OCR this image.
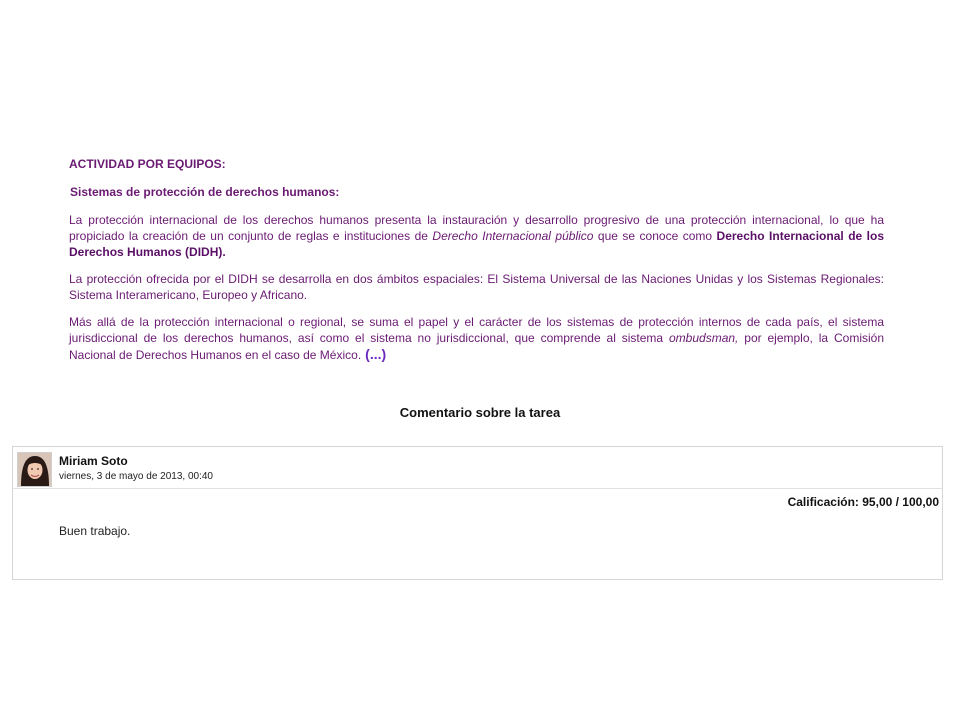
ACTIVIDAD POR EQUIPOS:
Sistemas de protección de derechos humanos:

La protección internacional de los derechos humanos presenta la instauración y desarrollo progresivo de una protección internacional, lo que ha propiciado la creación de un conjunto de reglas e instituciones de Derecho Internacional público que se conoce como Derecho Internacional de los Derechos Humanos (DIDH).

La protección ofrecida por el DIDH se desarrolla en dos ámbitos espaciales: El Sistema Universal de las Naciones Unidas y los Sistemas Regionales: Sistema Interamericano, Europeo y Africano.

Más allá de la protección internacional o regional, se suma el papel y el carácter de los sistemas de protección internos de cada país, el sistema jurisdiccional de los derechos humanos, así como el sistema no jurisdiccional, que comprende al sistema ombudsman, por ejemplo, la Comisión Nacional de Derechos Humanos en el caso de México. (...)

Comentario sobre la tarea
Miriam Soto
viernes, 3 de mayo de 2013, 00:40
Calificación: 95,00 / 100,00
Buen trabajo.
